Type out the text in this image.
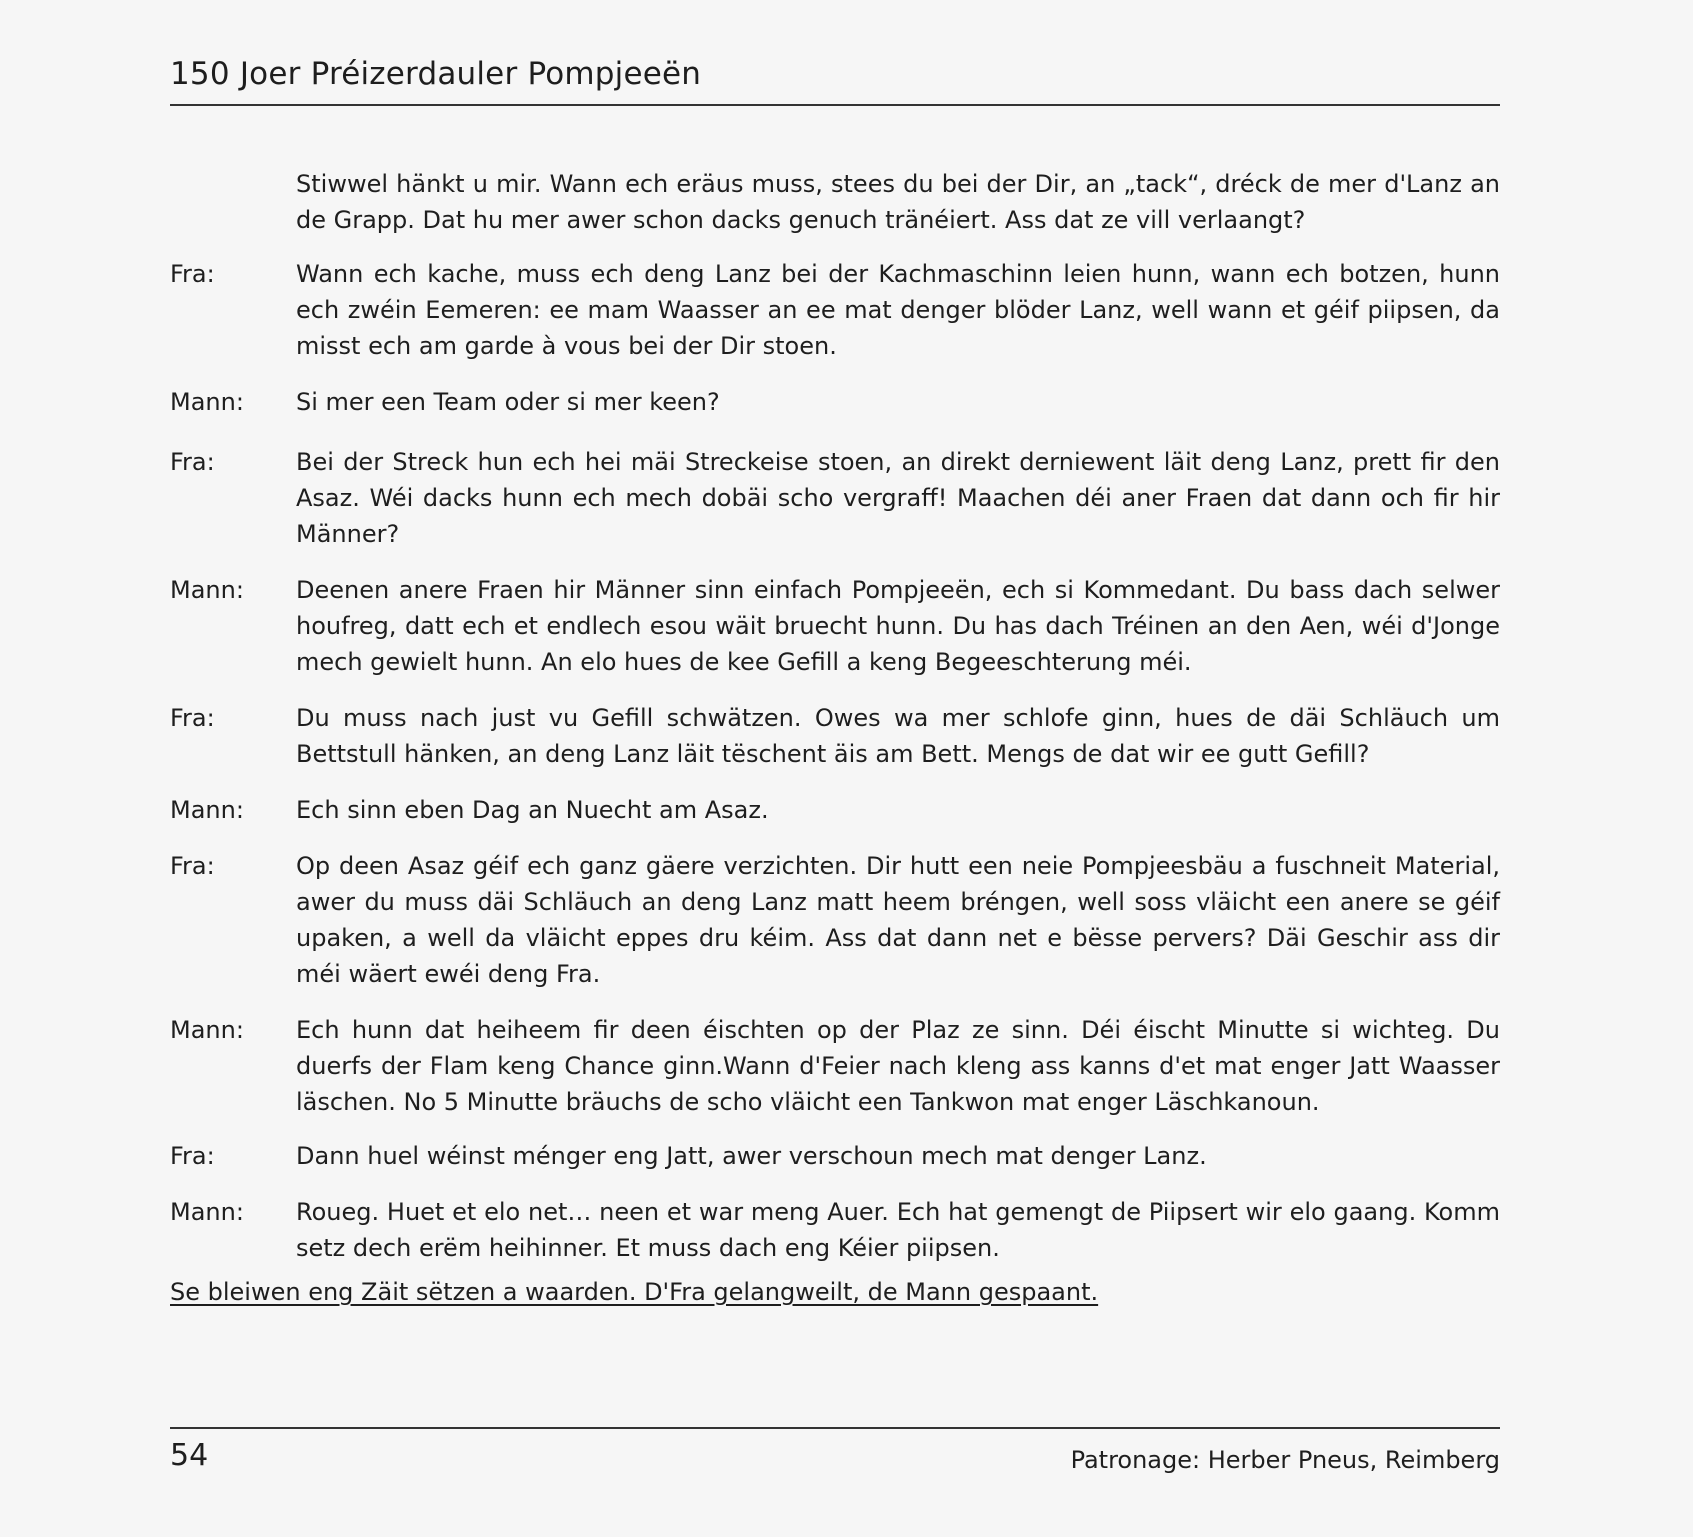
150 Joer Préizerdauler Pompjeeën
Stiwwel hänkt u mir. Wann ech eräus muss, stees du bei der Dir, an „tack“, dréck de mer d'Lanz an de Grapp. Dat hu mer awer schon dacks genuch tränéiert. Ass dat ze vill verlaangt?
Fra:	Wann ech kache, muss ech deng Lanz bei der Kachmaschinn leien hunn, wann ech botzen, hunn ech zwéin Eemeren: ee mam Waasser an ee mat denger blöder Lanz, well wann et géif piipsen, da misst ech am garde à vous bei der Dir stoen.
Mann:	Si mer een Team oder si mer keen?
Fra:	Bei der Streck hun ech hei mäi Streckeise stoen, an direkt derniewent läit deng Lanz, prett fir den Asaz. Wéi dacks hunn ech mech dobäi scho vergraff! Maachen déi aner Fraen dat dann och fir hir Männer?
Mann:	Deenen anere Fraen hir Männer sinn einfach Pompjeeën, ech si Kommedant. Du bass dach selwer houfreg, datt ech et endlech esou wäit bruecht hunn. Du has dach Tréinen an den Aen, wéi d'Jonge mech gewielt hunn. An elo hues de kee Gefill a keng Begeeschterung méi.
Fra:	Du muss nach just vu Gefill schwätzen. Owes wa mer schlofe ginn, hues de däi Schläuch um Bettstull hänken, an deng Lanz läit tëschent äis am Bett. Mengs de dat wir ee gutt Gefill?
Mann:	Ech sinn eben Dag an Nuecht am Asaz.
Fra:	Op deen Asaz géif ech ganz gäere verzichten. Dir hutt een neie Pompjeesbäu a fuschneit Material, awer du muss däi Schläuch an deng Lanz matt heem bréngen, well soss vläicht een anere se géif upaken, a well da vläicht eppes dru kéim. Ass dat dann net e bësse pervers? Däi Geschir ass dir méi wäert ewéi deng Fra.
Mann:	Ech hunn dat heiheem fir deen éischten op der Plaz ze sinn. Déi éischt Minutte si wichteg. Du duerfs der Flam keng Chance ginn.Wann d'Feier nach kleng ass kanns d'et mat enger Jatt Waasser läschen. No 5 Minutte bräuchs de scho vläicht een Tankwon mat enger Läschkanoun.
Fra:	Dann huel wéinst ménger eng Jatt, awer verschoun mech mat denger Lanz.
Mann:	Roueg. Huet et elo net… neen et war meng Auer. Ech hat gemengt de Piipsert wir elo gaang. Komm setz dech erëm heihinner. Et muss dach eng Kéier piipsen.
Se bleiwen eng Zäit sëtzen a waarden. D'Fra gelangweilt, de Mann gespaant.
54	Patronage: Herber Pneus, Reimberg
